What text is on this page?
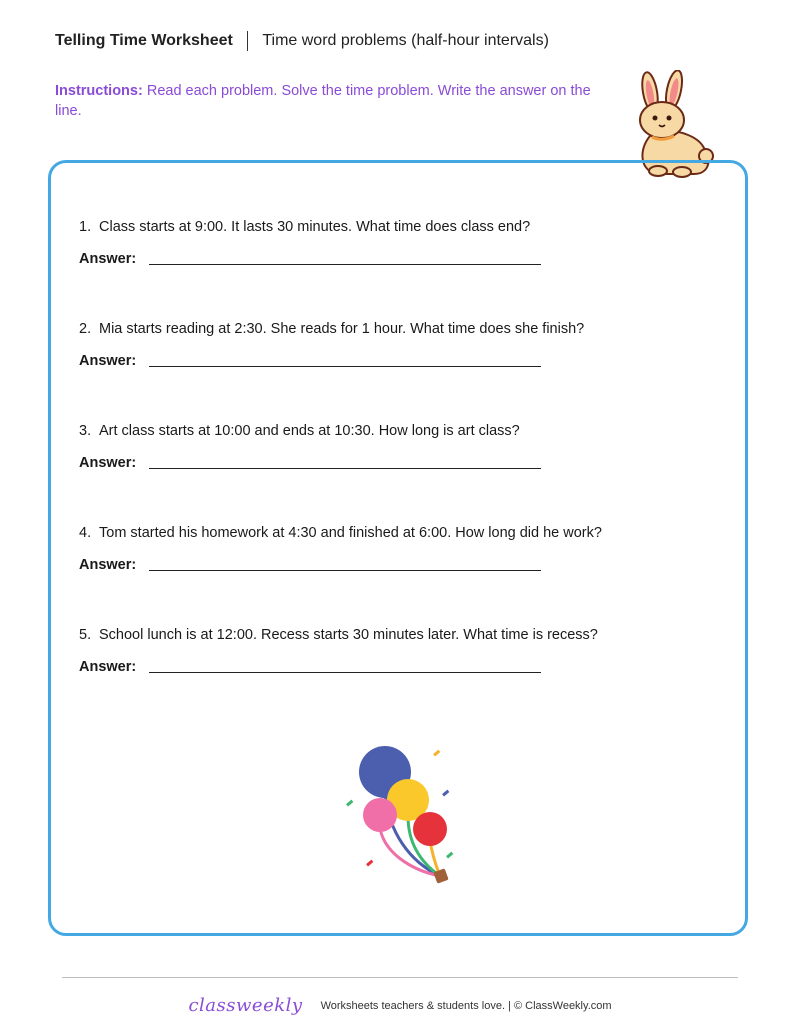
Telling Time Worksheet Time word problems (half-hour intervals)
Instructions: Read each problem. Solve the time problem. Write the answer on the line.
1. Class starts at 9:00. It lasts 30 minutes. What time does class end?
Answer:
2. Mia starts reading at 2:30. She reads for 1 hour. What time does she finish?
Answer:
3. Art class starts at 10:00 and ends at 10:30. How long is art class?
Answer:
4. Tom started his homework at 4:30 and finished at 6:00. How long did he work?
Answer:
5. School lunch is at 12:00. Recess starts 30 minutes later. What time is recess?
Answer:
classweekly Worksheets teachers & students love. | © ClassWeekly.com
